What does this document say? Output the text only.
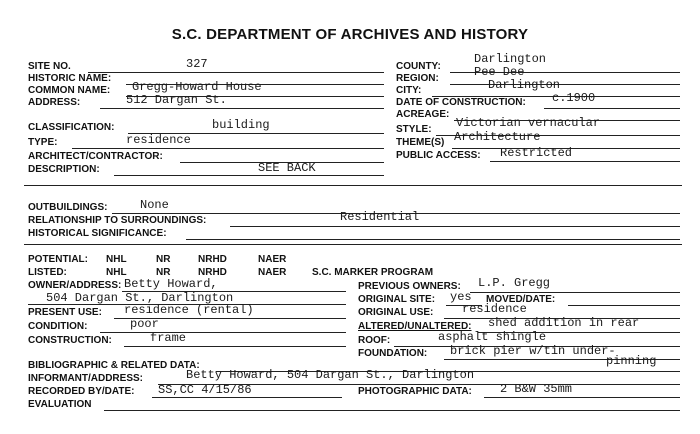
S.C. DEPARTMENT OF ARCHIVES AND HISTORY
SITE NO.	327
HISTORIC NAME:
COMMON NAME: Gregg-Howard House
ADDRESS:	512 Dargan St.
COUNTY:
Darlington
REGION:	Pee Dee
CITY:	Darlington
DATE OF CONSTRUCTION: c.1900
ACREAGE:
CLASSIFICATION:	building
TYPE:	residence
ARCHITECT/CONTRACTOR:
DESCRIPTION:	SEE BACK
STYLE: Victorian vernacular
THEME(S) Architecture
PUBLIC ACCESS: Restricted
OUTBUILDINGS:	None
RELATIONSHIP TO SURROUNDINGS:	Residential
HISTORICAL SIGNIFICANCE:
POTENTIAL: NHL	NR	NRHD	NAER
LISTED:	NHL	NR	NRHD	NAER	S.C. MARKER PROGRAM
OWNER/ADDRESS: Betty Howard,
504 Dargan St., Darlington
PRESENT USE: residence (rental)
CONDITION:	poor
CONSTRUCTION:	frame
PREVIOUS OWNERS: L.P. Gregg
ORIGINAL SITE: yes MOVED/DATE:
ORIGINAL USE: residence
ALTERED/UNALTERED: shed addition in rear
ROOF:	asphalt shingle
FOUNDATION: brick pier w/tin under-
pinning
BIBLIOGRAPHIC & RELATED DATA:
INFORMANT/ADDRESS:	Betty Howard, 504 Dargan St., Darlington
RECORDED BY/DATE: SS,CC 4/15/86	PHOTOGRAPHIC DATA: 2 B&W 35mm
EVALUATION
